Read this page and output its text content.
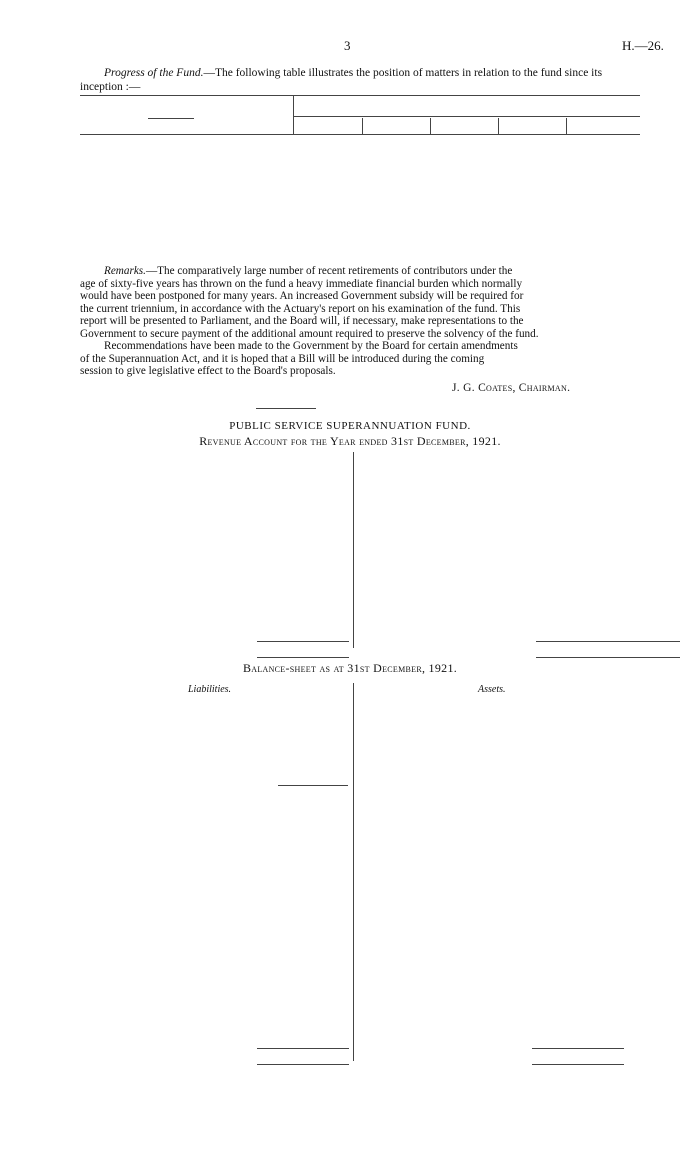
3	H.—26.
Progress of the Fund.—The following table illustrates the position of matters in relation to the fund since its inception :—
Remarks.—The comparatively large number of recent retirements of contributors under the
age of sixty-five years has thrown on the fund a heavy immediate financial burden which normally
would have been postponed for many years. An increased Government subsidy will be required for
the current triennium, in accordance with the Actuary's report on his examination of the fund. This
report will be presented to Parliament, and the Board will, if necessary, make representations to the
Government to secure payment of the additional amount required to preserve the solvency of the fund.
Recommendations have been made to the Government by the Board for certain amendments
of the Superannuation Act, and it is hoped that a Bill will be introduced during the coming
session to give legislative effect to the Board's proposals.
J. G. Coates, Chairman.
PUBLIC SERVICE SUPERANNUATION FUND.
Revenue Account for the Year ended 31st December, 1921.
Balance-sheet as at 31st December, 1921.
Liabilities.	Assets.
